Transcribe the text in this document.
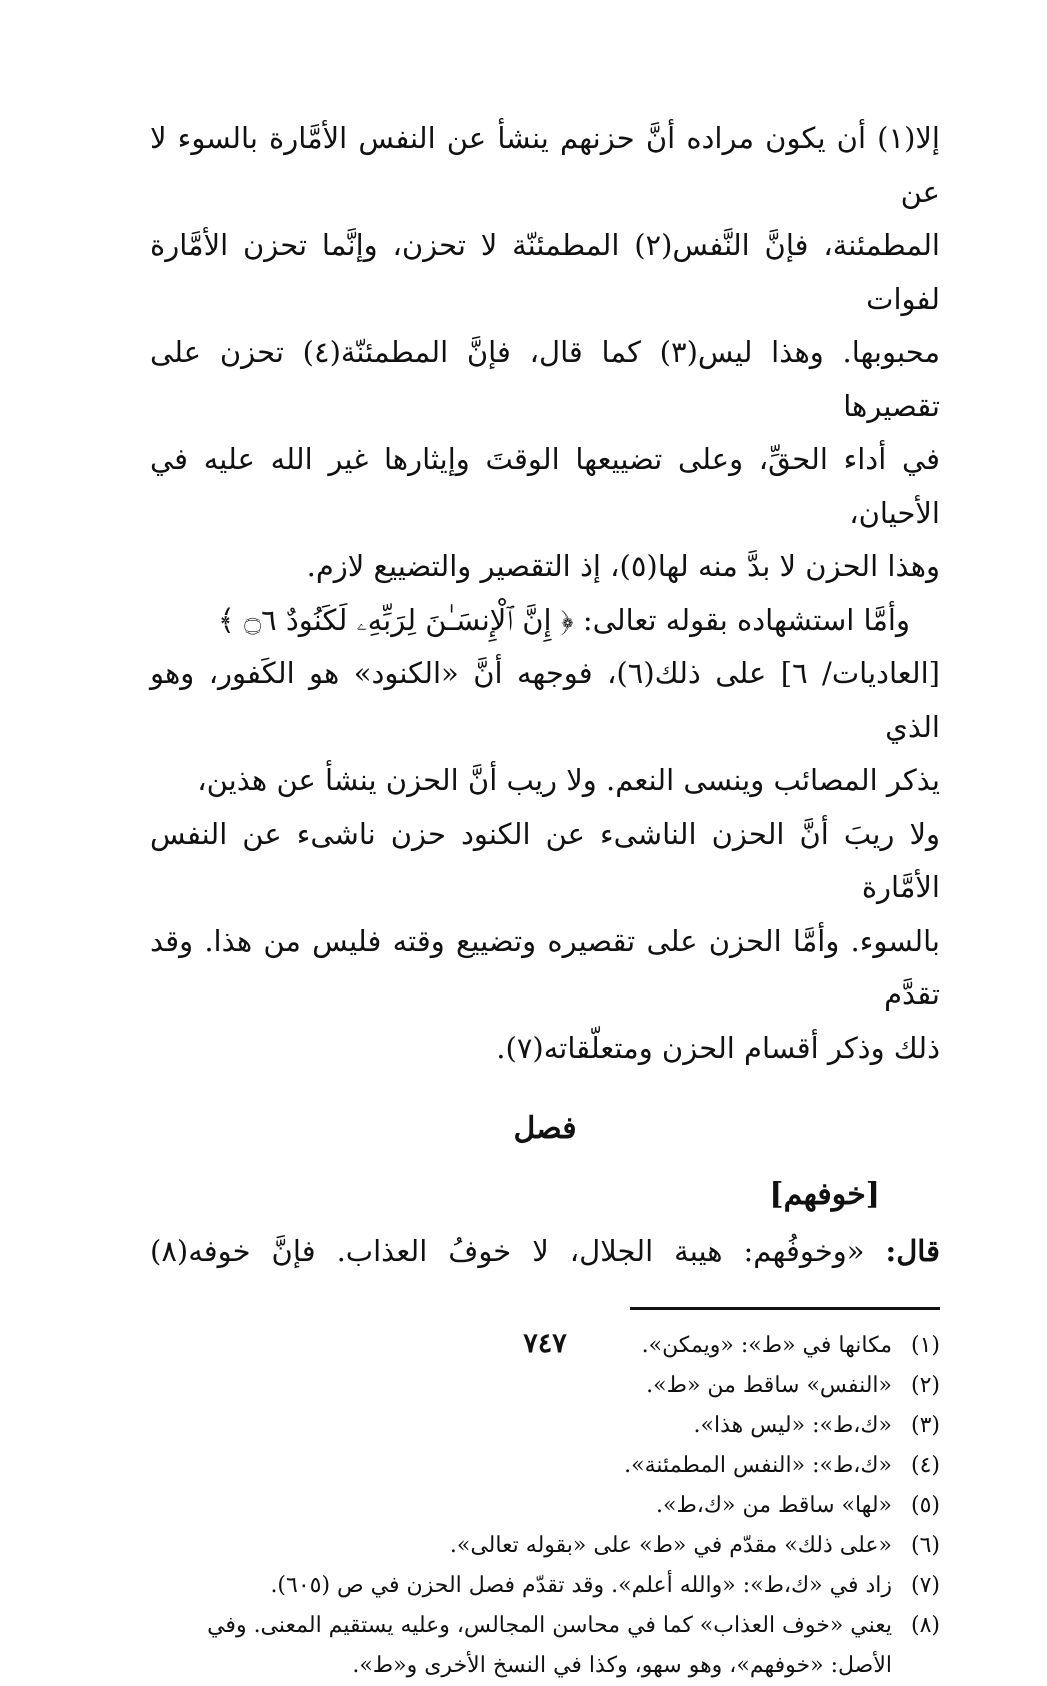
إلا(١) أن يكون مراده أنَّ حزنهم ينشأ عن النفس الأمَّارة بالسوء لا عن
المطمئنة، فإنَّ النَّفس(٢) المطمئنّة لا تحزن، وإنَّما تحزن الأمَّارة لفوات
محبوبها. وهذا ليس(٣) كما قال، فإنَّ المطمئنّة(٤) تحزن على تقصيرها
في أداء الحقِّ، وعلى تضييعها الوقتَ وإيثارها غير الله عليه في الأحيان،
وهذا الحزن لا بدَّ منه لها(٥)، إذ التقصير والتضييع لازم.

وأمَّا استشهاده بقوله تعالى: ﴿ إِنَّ ٱلْإِنسَـٰنَ لِرَبِّهِۦ لَكَنُودٌ ۝٦ ﴾
[العاديات/ ٦] على ذلك(٦)، فوجهه أنَّ «الكنود» هو الكَفور، وهو الذي
يذكر المصائب وينسى النعم. ولا ريب أنَّ الحزن ينشأ عن هذين،
ولا ريبَ أنَّ الحزن الناشىء عن الكنود حزن ناشىء عن النفس الأمَّارة
بالسوء. وأمَّا الحزن على تقصيره وتضييع وقته فليس من هذا. وقد تقدَّم
ذلك وذكر أقسام الحزن ومتعلّقاته(٧).

فصل
[خوفهم]
قال: «وخوفُهم: هيبة الجلال، لا خوفُ العذاب. فإنَّ خوفه(٨)
(١)
مكانها في «ط»: «ويمكن».
(٢)
«النفس» ساقط من «ط».
(٣)
«ك،ط»: «ليس هذا».
(٤)
«ك،ط»: «النفس المطمئنة».
(٥)
«لها» ساقط من «ك،ط».
(٦)
«على ذلك» مقدّم في «ط» على «بقوله تعالى».
(٧)
زاد في «ك،ط»: «والله أعلم». وقد تقدّم فصل الحزن في ص (٦٠٥).
(٨)
يعني «خوف العذاب» كما في محاسن المجالس، وعليه يستقيم المعنى. وفي
الأصل: «خوفهم»، وهو سهو، وكذا في النسخ الأخرى و«ط».
٧٤٧
